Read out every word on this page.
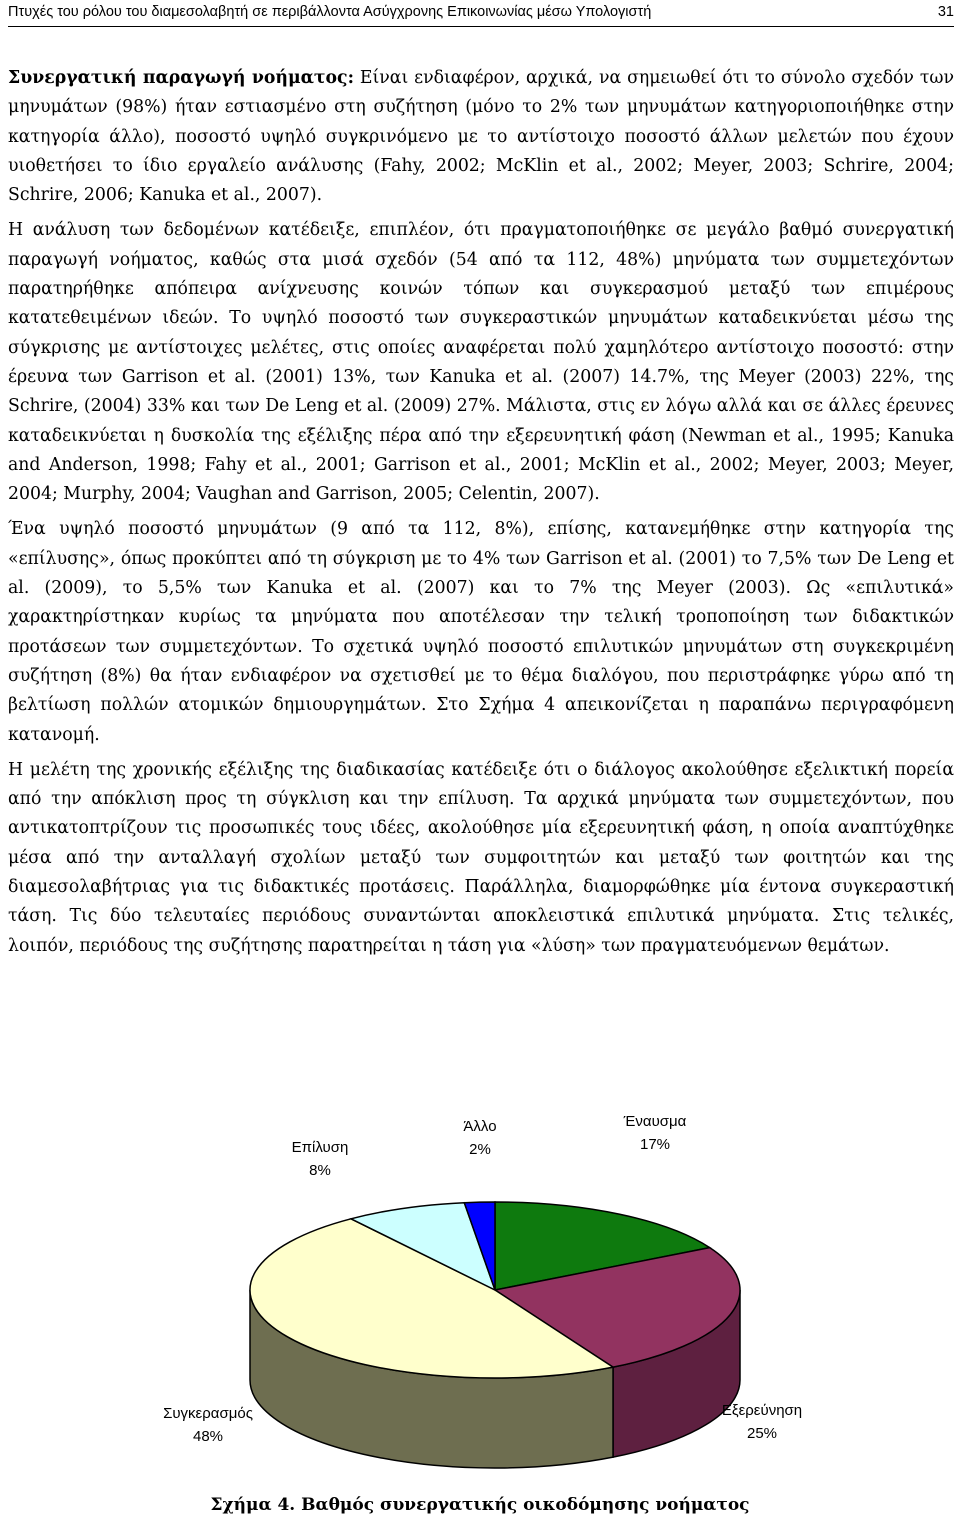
Πτυχές του ρόλου του διαμεσολαβητή σε περιβάλλοντα Ασύγχρονης Επικοινωνίας μέσω Υπολογιστή	31

Συνεργατική παραγωγή νοήματος: Είναι ενδιαφέρον, αρχικά, να σημειωθεί ότι το σύνολο σχεδόν των μηνυμάτων (98%) ήταν εστιασμένο στη συζήτηση (μόνο το 2% των μηνυμάτων κατηγοριοποιήθηκε στην κατηγορία άλλο), ποσοστό υψηλό συγκρινόμενο με το αντίστοιχο ποσοστό άλλων μελετών που έχουν υιοθετήσει το ίδιο εργαλείο ανάλυσης (Fahy, 2002; McKlin et al., 2002; Meyer, 2003; Schrire, 2004; Schrire, 2006; Kanuka et al., 2007).

Η ανάλυση των δεδομένων κατέδειξε, επιπλέον, ότι πραγματοποιήθηκε σε μεγάλο βαθμό συνεργατική παραγωγή νοήματος, καθώς στα μισά σχεδόν (54 από τα 112, 48%) μηνύματα των συμμετεχόντων παρατηρήθηκε απόπειρα ανίχνευσης κοινών τόπων και συγκερασμού μεταξύ των επιμέρους κατατεθειμένων ιδεών. Το υψηλό ποσοστό των συγκεραστικών μηνυμάτων καταδεικνύεται μέσω της σύγκρισης με αντίστοιχες μελέτες, στις οποίες αναφέρεται πολύ χαμηλότερο αντίστοιχο ποσοστό: στην έρευνα των Garrison et al. (2001) 13%, των Kanuka et al. (2007) 14.7%, της Meyer (2003) 22%, της Schrire, (2004) 33% και των De Leng et al. (2009) 27%. Μάλιστα, στις εν λόγω αλλά και σε άλλες έρευνες καταδεικνύεται η δυσκολία της εξέλιξης πέρα από την εξερευνητική φάση (Newman et al., 1995; Kanuka and Anderson, 1998; Fahy et al., 2001; Garrison et al., 2001; McKlin et al., 2002; Meyer, 2003; Meyer, 2004; Murphy, 2004; Vaughan and Garrison, 2005; Celentin, 2007).

Ένα υψηλό ποσοστό μηνυμάτων (9 από τα 112, 8%), επίσης, κατανεμήθηκε στην κατηγορία της «επίλυσης», όπως προκύπτει από τη σύγκριση με το 4% των Garrison et al. (2001) το 7,5% των De Leng et al. (2009), το 5,5% των Kanuka et al. (2007) και το 7% της Meyer (2003). Ως «επιλυτικά» χαρακτηρίστηκαν κυρίως τα μηνύματα που αποτέλεσαν την τελική τροποποίηση των διδακτικών προτάσεων των συμμετεχόντων. Το σχετικά υψηλό ποσοστό επιλυτικών μηνυμάτων στη συγκεκριμένη συζήτηση (8%) θα ήταν ενδιαφέρον να σχετισθεί με το θέμα διαλόγου, που περιστράφηκε γύρω από τη βελτίωση πολλών ατομικών δημιουργημάτων. Στο Σχήμα 4 απεικονίζεται η παραπάνω περιγραφόμενη κατανομή.

Η μελέτη της χρονικής εξέλιξης της διαδικασίας κατέδειξε ότι ο διάλογος ακολούθησε εξελικτική πορεία από την απόκλιση προς τη σύγκλιση και την επίλυση. Τα αρχικά μηνύματα των συμμετεχόντων, που αντικατοπτρίζουν τις προσωπικές τους ιδέες, ακολούθησε μία εξερευνητική φάση, η οποία αναπτύχθηκε μέσα από την ανταλλαγή σχολίων μεταξύ των συμφοιτητών και μεταξύ των φοιτητών και της διαμεσολαβήτριας για τις διδακτικές προτάσεις. Παράλληλα, διαμορφώθηκε μία έντονα συγκεραστική τάση. Τις δύο τελευταίες περιόδους συναντώνται αποκλειστικά επιλυτικά μηνύματα. Στις τελικές, λοιπόν, περιόδους της συζήτησης παρατηρείται η τάση για «λύση» των πραγματευόμενων θεμάτων.

Έναυσμα
17%
Εξερεύνηση
25%
Συγκερασμός
48%
Επίλυση
8%
Άλλο
2%
Σχήμα 4. Βαθμός συνεργατικής οικοδόμησης νοήματος
